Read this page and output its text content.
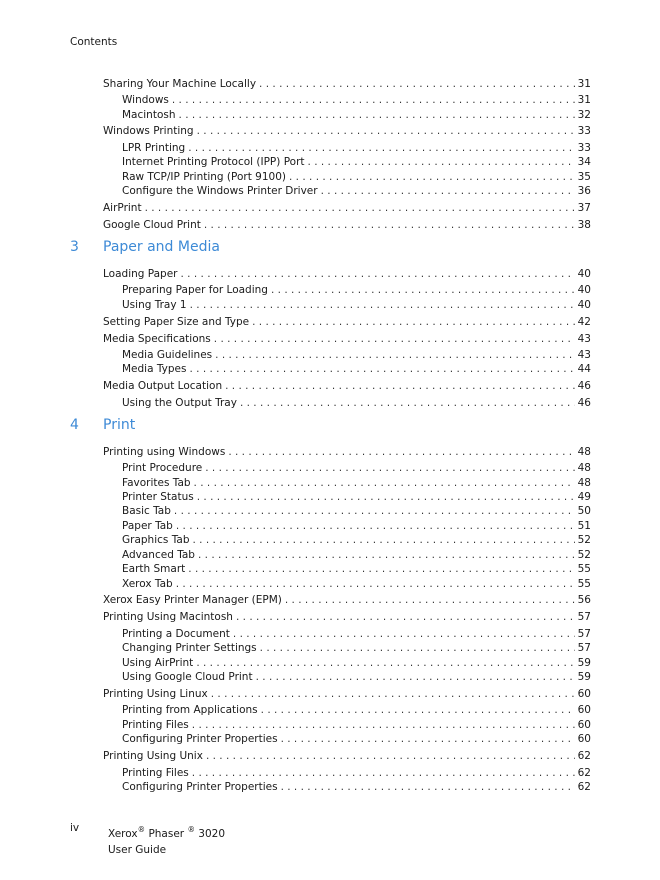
Contents
Sharing Your Machine Locally . . .	31
Windows . . .	31
Macintosh . . .	32
Windows Printing . . .	33
LPR Printing . . .	33
Internet Printing Protocol (IPP) Port . . .	34
Raw TCP/IP Printing (Port 9100) . . .	35
Configure the Windows Printer Driver . . .	36
AirPrint . . .	37
Google Cloud Print . . .	38
3 Paper and Media
Loading Paper . . .	40
Preparing Paper for Loading . . .	40
Using Tray 1 . . .	40
Setting Paper Size and Type . . .	42
Media Specifications . . .	43
Media Guidelines . . .	43
Media Types . . .	44
Media Output Location . . .	46
Using the Output Tray . . .	46
4 Print
Printing using Windows . . .	48
Print Procedure . . .	48
Favorites Tab . . .	48
Printer Status . . .	49
Basic Tab . . .	50
Paper Tab . . .	51
Graphics Tab . . .	52
Advanced Tab . . .	52
Earth Smart . . .	55
Xerox Tab . . .	55
Xerox Easy Printer Manager (EPM) . . .	56
Printing Using Macintosh . . .	57
Printing a Document . . .	57
Changing Printer Settings . . .	57
Using AirPrint . . .	59
Using Google Cloud Print . . .	59
Printing Using Linux . . .	60
Printing from Applications . . .	60
Printing Files . . .	60
Configuring Printer Properties . . .	60
Printing Using Unix . . .	62
Printing Files . . .	62
Configuring Printer Properties . . .	62
iv	Xerox® Phaser ® 3020
User Guide
